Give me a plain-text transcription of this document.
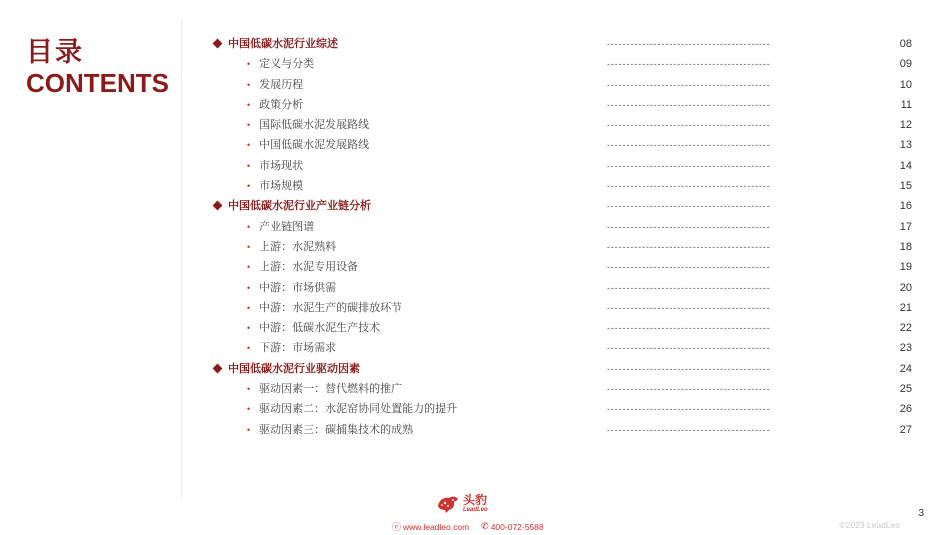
目录
CONTENTS
中国低碳水泥行业综述	------------------------------------------	08
• 定义与分类	------------------------------------------	09
• 发展历程	------------------------------------------	10
• 政策分析	------------------------------------------	11
• 国际低碳水泥发展路线	------------------------------------------	12
• 中国低碳水泥发展路线	------------------------------------------	13
• 市场现状	------------------------------------------	14
• 市场规模	------------------------------------------	15
中国低碳水泥行业产业链分析	------------------------------------------	16
• 产业链图谱	------------------------------------------	17
• 上游：水泥熟料	------------------------------------------	18
• 上游：水泥专用设备	------------------------------------------	19
• 中游：市场供需	------------------------------------------	20
• 中游：水泥生产的碳排放环节	------------------------------------------	21
• 中游：低碳水泥生产技术	------------------------------------------	22
• 下游：市场需求	------------------------------------------	23
中国低碳水泥行业驱动因素	------------------------------------------	24
• 驱动因素一：替代燃料的推广	------------------------------------------	25
• 驱动因素二：水泥窑协同处置能力的提升	------------------------------------------	26
• 驱动因素三：碳捕集技术的成熟	------------------------------------------	27
头豹
LeadLeo
ⓔ www.leadleo.com ✆ 400-072-5588
3
©2023 LeadLeo
